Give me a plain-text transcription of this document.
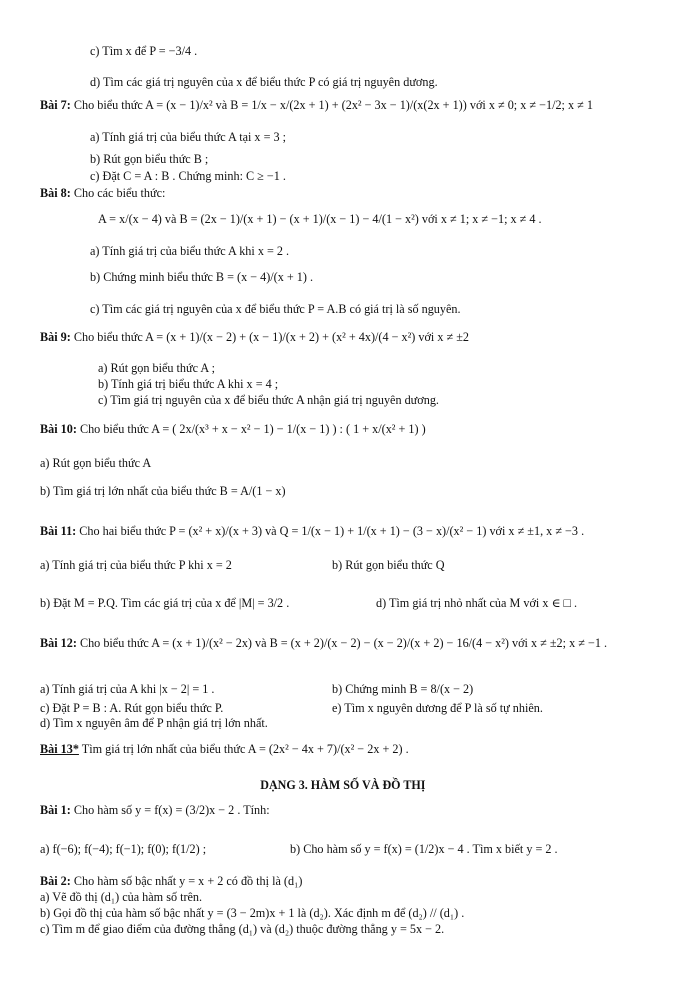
c) Tìm x để P = −3/4 .
d) Tìm các giá trị nguyên của x để biểu thức P có giá trị nguyên dương.
Bài 7: Cho biểu thức A = (x − 1)/x² và B = 1/x − x/(2x + 1) + (2x² − 3x − 1)/(x(2x + 1)) với x ≠ 0; x ≠ −1/2; x ≠ 1
a) Tính giá trị của biểu thức A tại x = 3 ;
b) Rút gọn biểu thức B ;
c) Đặt C = A : B . Chứng minh: C ≥ −1 .
Bài 8: Cho các biểu thức:
A = x/(x − 4) và B = (2x − 1)/(x + 1) − (x + 1)/(x − 1) − 4/(1 − x²) với x ≠ 1; x ≠ −1; x ≠ 4 .
a) Tính giá trị của biểu thức A khi x = 2 .
b) Chứng minh biểu thức B = (x − 4)/(x + 1) .
c) Tìm các giá trị nguyên của x để biểu thức P = A.B có giá trị là số nguyên.
Bài 9: Cho biểu thức A = (x + 1)/(x − 2) + (x − 1)/(x + 2) + (x² + 4x)/(4 − x²) với x ≠ ±2
a) Rút gọn biểu thức A ;
b) Tính giá trị biểu thức A khi x = 4 ;
c) Tìm giá trị nguyên của x để biểu thức A nhận giá trị nguyên dương.
Bài 10: Cho biểu thức A = ( 2x/(x³ + x − x² − 1) − 1/(x − 1) ) : ( 1 + x/(x² + 1) )
a) Rút gọn biểu thức A
b) Tìm giá trị lớn nhất của biểu thức B = A/(1 − x)
Bài 11: Cho hai biểu thức P = (x² + x)/(x + 3) và Q = 1/(x − 1) + 1/(x + 1) − (3 − x)/(x² − 1) với x ≠ ±1, x ≠ −3 .
a) Tính giá trị của biểu thức P khi x = 2	b) Rút gọn biểu thức Q
b) Đặt M = P.Q. Tìm các giá trị của x để |M| = 3/2 .	d) Tìm giá trị nhỏ nhất của M với x ∈ □ .
Bài 12: Cho biểu thức A = (x + 1)/(x² − 2x) và B = (x + 2)/(x − 2) − (x − 2)/(x + 2) − 16/(4 − x²) với x ≠ ±2; x ≠ −1 .
a) Tính giá trị của A khi |x − 2| = 1 .	b) Chứng minh B = 8/(x − 2)
c) Đặt P = B : A. Rút gọn biểu thức P.	e) Tìm x nguyên dương để P là số tự nhiên.
d) Tìm x nguyên âm để P nhận giá trị lớn nhất.
Bài 13* Tìm giá trị lớn nhất của biểu thức A = (2x² − 4x + 7)/(x² − 2x + 2) .
DẠNG 3. HÀM SỐ VÀ ĐỒ THỊ
Bài 1: Cho hàm số y = f(x) = (3/2)x − 2 . Tính:
a) f(−6); f(−4); f(−1); f(0); f(1/2) ;	b) Cho hàm số y = f(x) = (1/2)x − 4 . Tìm x biết y = 2 .
Bài 2: Cho hàm số bậc nhất y = x + 2 có đồ thị là (d₁)
a) Vẽ đồ thị (d₁) của hàm số trên.
b) Gọi đồ thị của hàm số bậc nhất y = (3 − 2m)x + 1 là (d₂). Xác định m để (d₂) // (d₁) .
c) Tìm m để giao điểm của đường thẳng (d₁) và (d₂) thuộc đường thẳng y = 5x − 2.
